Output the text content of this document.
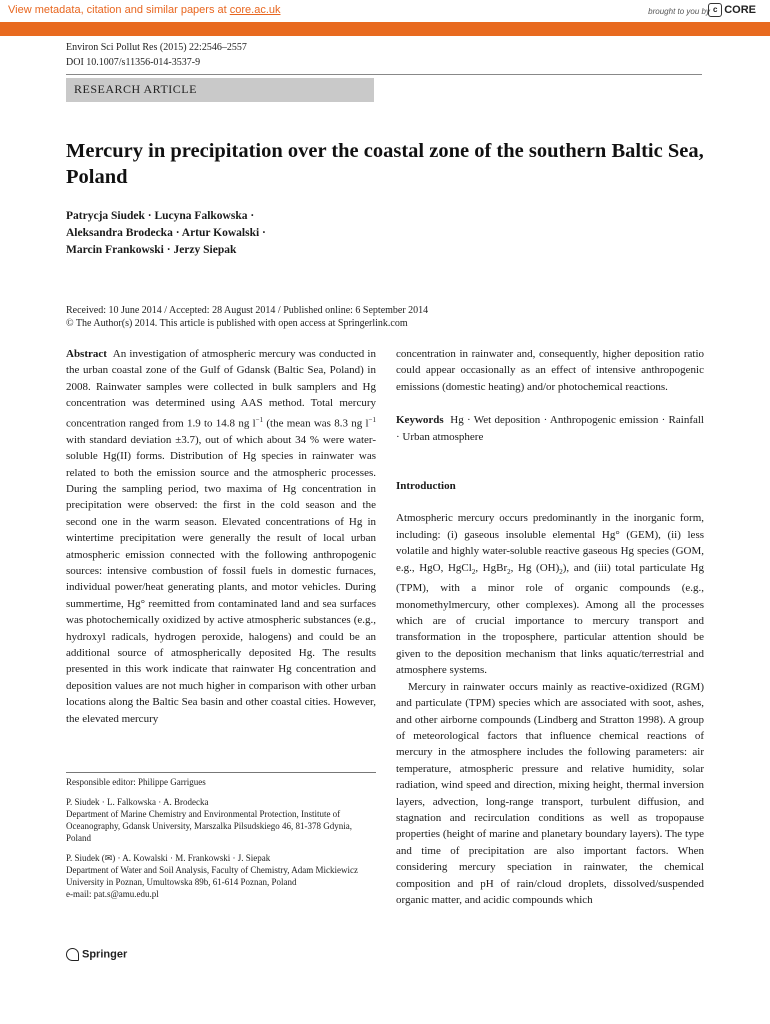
View metadata, citation and similar papers at core.ac.uk	brought to you by c CORE
provided by Crossref
Environ Sci Pollut Res (2015) 22:2546–2557
DOI 10.1007/s11356-014-3537-9
RESEARCH ARTICLE
Mercury in precipitation over the coastal zone of the southern Baltic Sea, Poland
Patrycja Siudek · Lucyna Falkowska ·
Aleksandra Brodecka · Artur Kowalski ·
Marcin Frankowski · Jerzy Siepak
Received: 10 June 2014 / Accepted: 28 August 2014 / Published online: 6 September 2014
© The Author(s) 2014. This article is published with open access at Springerlink.com

Abstract An investigation of atmospheric mercury was conducted in the urban coastal zone of the Gulf of Gdansk (Baltic Sea, Poland) in 2008. Rainwater samples were collected in bulk samplers and Hg concentration was determined using AAS method. Total mercury concentration ranged from 1.9 to 14.8 ng $l^{-1}$ (the mean was 8.3 ng $l^{-1}$ with standard deviation ±3.7), out of which about 34 % were water-soluble Hg(II) forms. Distribution of Hg species in rainwater was related to both the emission source and the atmospheric processes. During the sampling period, two maxima of Hg concentration in precipitation were observed: the first in the cold season and the second one in the warm season. Elevated concentrations of Hg in wintertime precipitation were generally the result of local urban atmospheric emission connected with the following anthropogenic sources: intensive combustion of fossil fuels in domestic furnaces, individual power/heat generating plants, and motor vehicles. During summertime, Hg° reemitted from contaminated land and sea surfaces was photochemically oxidized by active atmospheric substances (e.g., hydroxyl radicals, hydrogen peroxide, halogens) and could be an additional source of atmospherically deposited Hg. The results presented in this work indicate that rainwater Hg concentration and deposition values are not much higher in comparison with other urban locations along the Baltic Sea basin and other coastal cities. However, the elevated mercury

Responsible editor: Philippe Garrigues

P. Siudek · L. Falkowska · A. Brodecka
Department of Marine Chemistry and Environmental Protection, Institute of Oceanography, Gdansk University, Marszalka Pilsudskiego 46, 81-378 Gdynia, Poland

P. Siudek (✉) · A. Kowalski · M. Frankowski · J. Siepak
Department of Water and Soil Analysis, Faculty of Chemistry, Adam Mickiewicz University in Poznan, Umultowska 89b, 61-614 Poznan, Poland
e-mail: pat.s@amu.edu.pl

concentration in rainwater and, consequently, higher deposition ratio could appear occasionally as an effect of intensive anthropogenic emissions (domestic heating) and/or photochemical reactions.

Keywords Hg · Wet deposition · Anthropogenic emission · Rainfall · Urban atmosphere

Introduction

Atmospheric mercury occurs predominantly in the inorganic form, including: (i) gaseous insoluble elemental Hg° (GEM), (ii) less volatile and highly water-soluble reactive gaseous Hg species (GOM, e.g., HgO, HgCl$_2$, HgBr$_2$, Hg $(OH)_2$), and (iii) total particulate Hg (TPM), with a minor role of organic compounds (e.g., monomethylmercury, other complexes). Among all the processes which are of crucial importance to mercury transport and transformation in the troposphere, particular attention should be given to the deposition mechanism that links aquatic/terrestrial and atmosphere systems.

Mercury in rainwater occurs mainly as reactive-oxidized (RGM) and particulate (TPM) species which are associated with soot, ashes, and other airborne compounds (Lindberg and Stratton 1998). A group of meteorological factors that influence chemical reactions of mercury in the atmosphere includes the following parameters: air temperature, atmospheric pressure and relative humidity, solar radiation, wind speed and direction, mixing height, thermal inversion layers, advection, long-range transport, turbulent diffusion, and stagnation and recirculation conditions as well as tropopause properties (height of marine and planetary boundary layers). The type and time of precipitation are also important factors. When considering mercury speciation in rainwater, the chemical composition and pH of rain/cloud droplets, dissolved/suspended organic matter, and acidic compounds which

Springer
